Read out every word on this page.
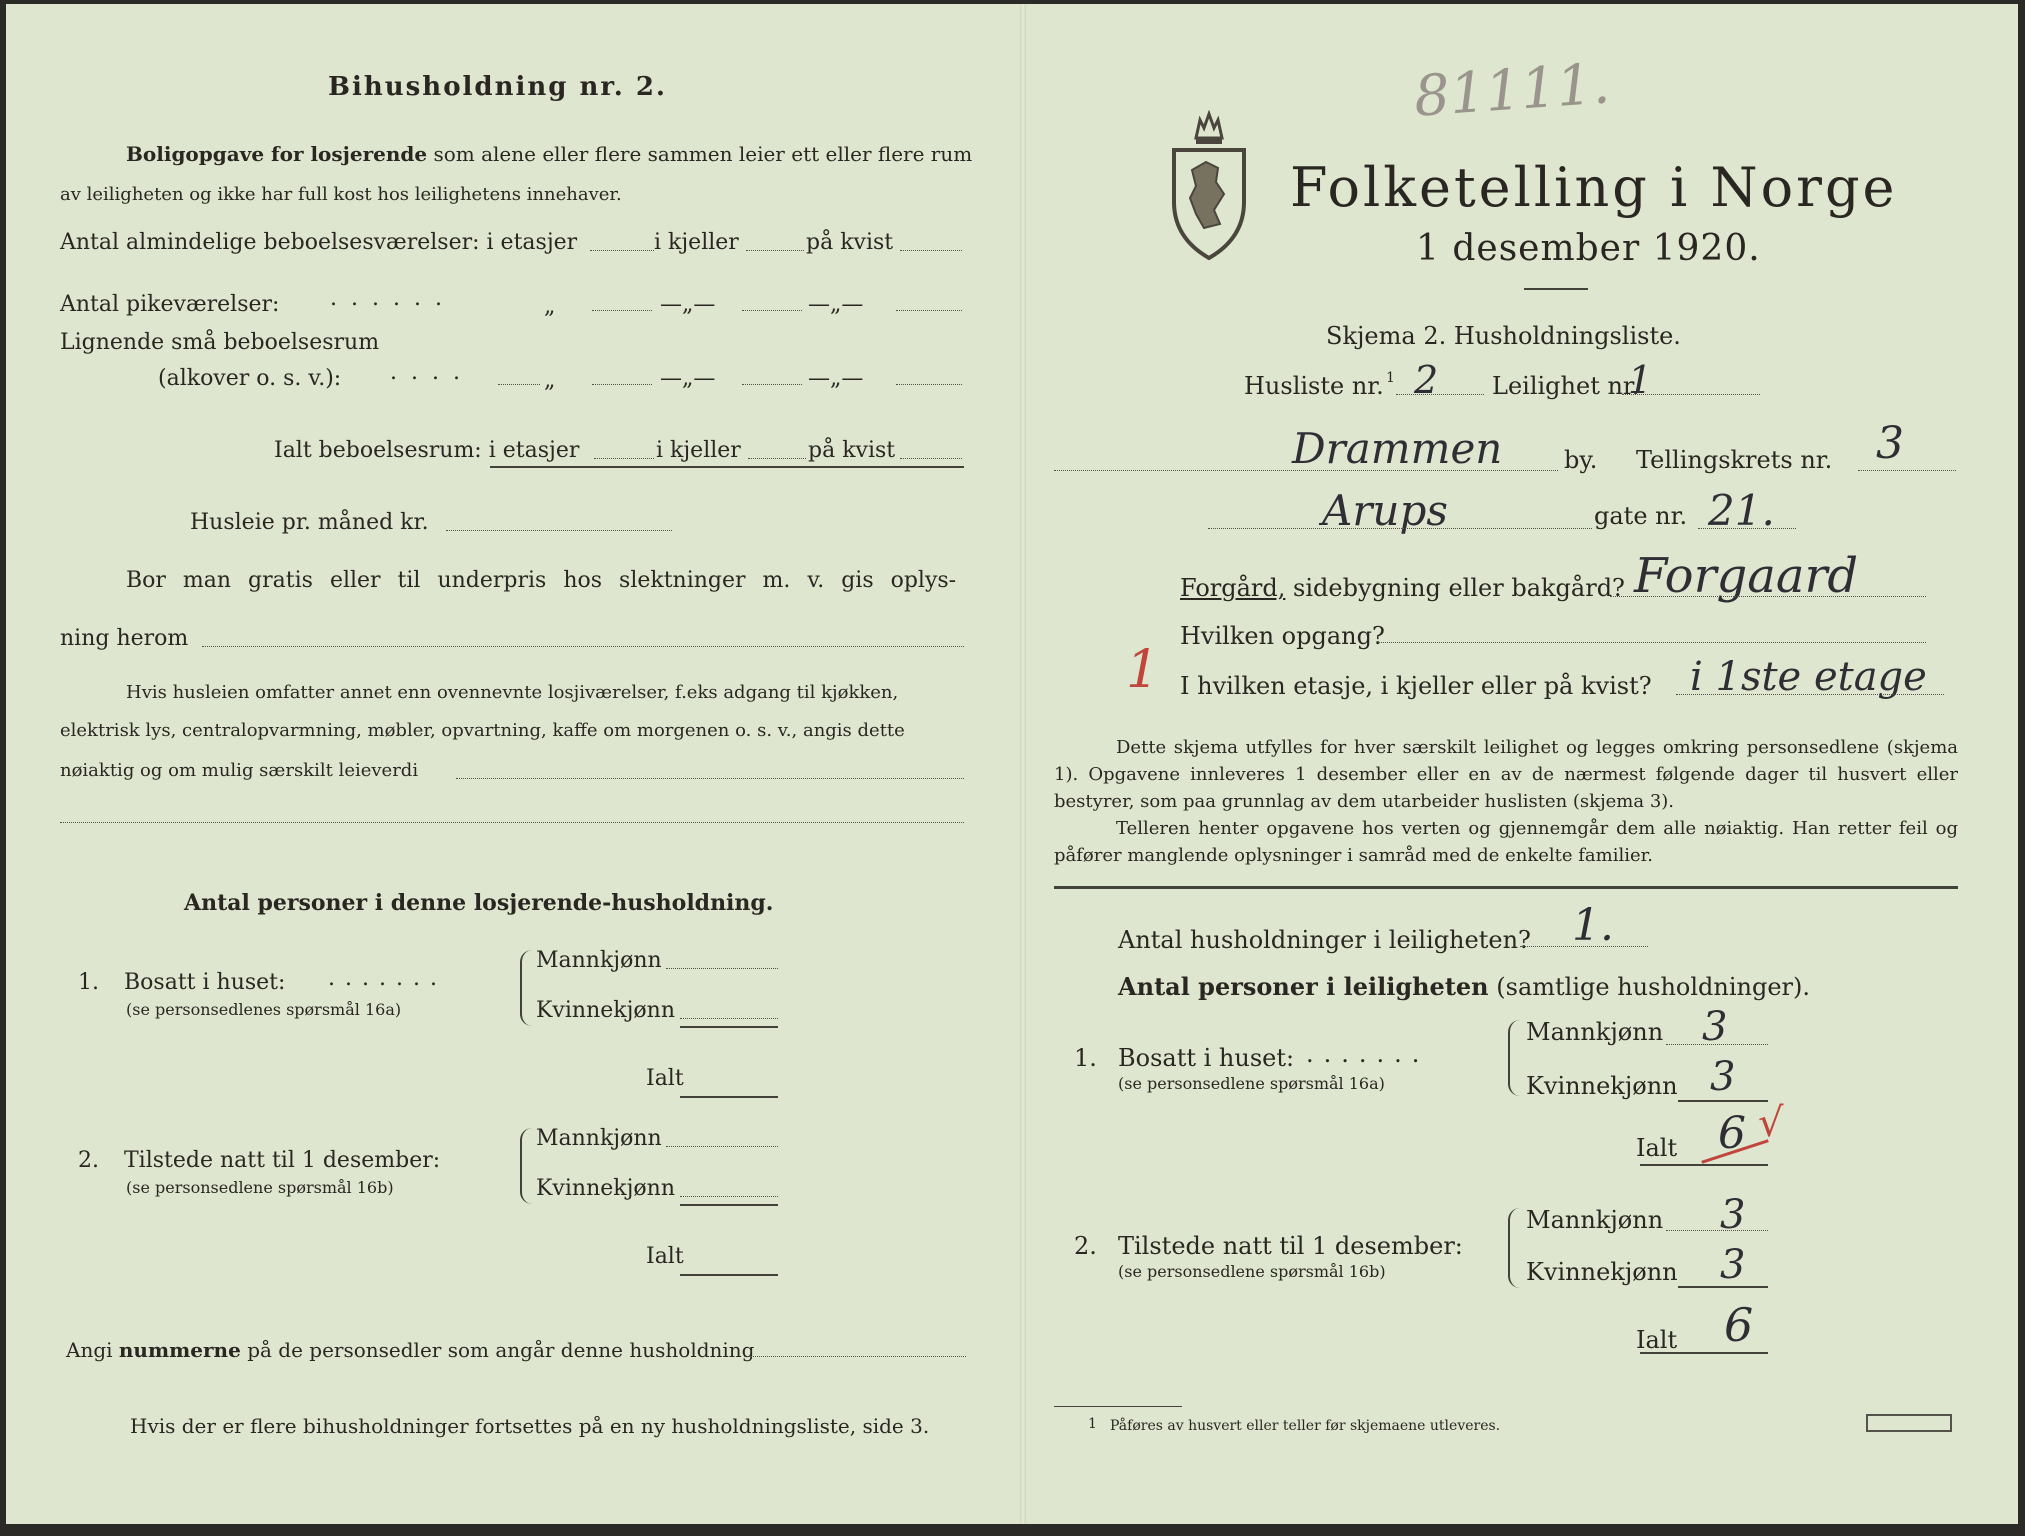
Bihusholdning nr. 2.
Boligopgave for losjerende som alene eller flere sammen leier ett eller flere rum
av leiligheten og ikke har full kost hos leilighetens innehaver.
Antal almindelige beboelsesværelser: i etasjer	i kjeller	på kvist
Antal pikeværelser: ......	„	—„—	—„—
Lignende små beboelsesrum
(alkover o. s. v.): ....	„	—„—	—„—
Ialt beboelsesrum: i etasjer	i kjeller	på kvist
Husleie pr. måned kr.
Bor man gratis eller til underpris hos slektninger m. v. gis oplys-
ning herom
Hvis husleien omfatter annet enn ovennevnte losjiværelser, f.eks adgang til kjøkken,
elektrisk lys, centralopvarmning, møbler, opvartning, kaffe om morgenen o. s. v., angis dette
nøiaktig og om mulig særskilt leieverdi
Antal personer i denne losjerende-husholdning.
1. Bosatt i huset: .......
(se personsedlenes spørsmål 16a)
Mannkjønn
Kvinnekjønn
Ialt
2. Tilstede natt til 1 desember:
(se personsedlene spørsmål 16b)
Mannkjønn
Kvinnekjønn
Ialt
Angi nummerne på de personsedler som angår denne husholdning
Hvis der er flere bihusholdninger fortsettes på en ny husholdningsliste, side 3.
81111.
Folketelling i Norge
1 desember 1920.
Skjema 2. Husholdningsliste.
Husliste nr. 1 2 Leilighet nr.
1
Drammen	by. Tellingskrets nr. 3
Arups	gate nr. 21.
Forgård, sidebygning eller bakgård? Forgaard
Hvilken opgang?
1 I hvilken etasje, i kjeller eller på kvist? i 1ste etage
Dette skjema utfylles for hver særskilt leilighet og legges omkring personsedlene (skjema 1). Opgavene innleveres 1 desember eller en av de nærmest følgende dager til husvert eller bestyrer, som paa grunnlag av dem utarbeider huslisten (skjema 3).
Telleren henter opgavene hos verten og gjennemgår dem alle nøiaktig. Han retter feil og påfører manglende oplysninger i samråd med de enkelte familier.
Antal husholdninger i leiligheten? 1.
Antal personer i leiligheten (samtlige husholdninger).
1. Bosatt i huset: .......
(se personsedlene spørsmål 16a)
Mannkjønn 3
Kvinnekjønn 3
Ialt 6 √
2. Tilstede natt til 1 desember:
(se personsedlene spørsmål 16b)
Mannkjønn 3
Kvinnekjønn 3
Ialt 6
1 Påføres av husvert eller teller før skjemaene utleveres.
